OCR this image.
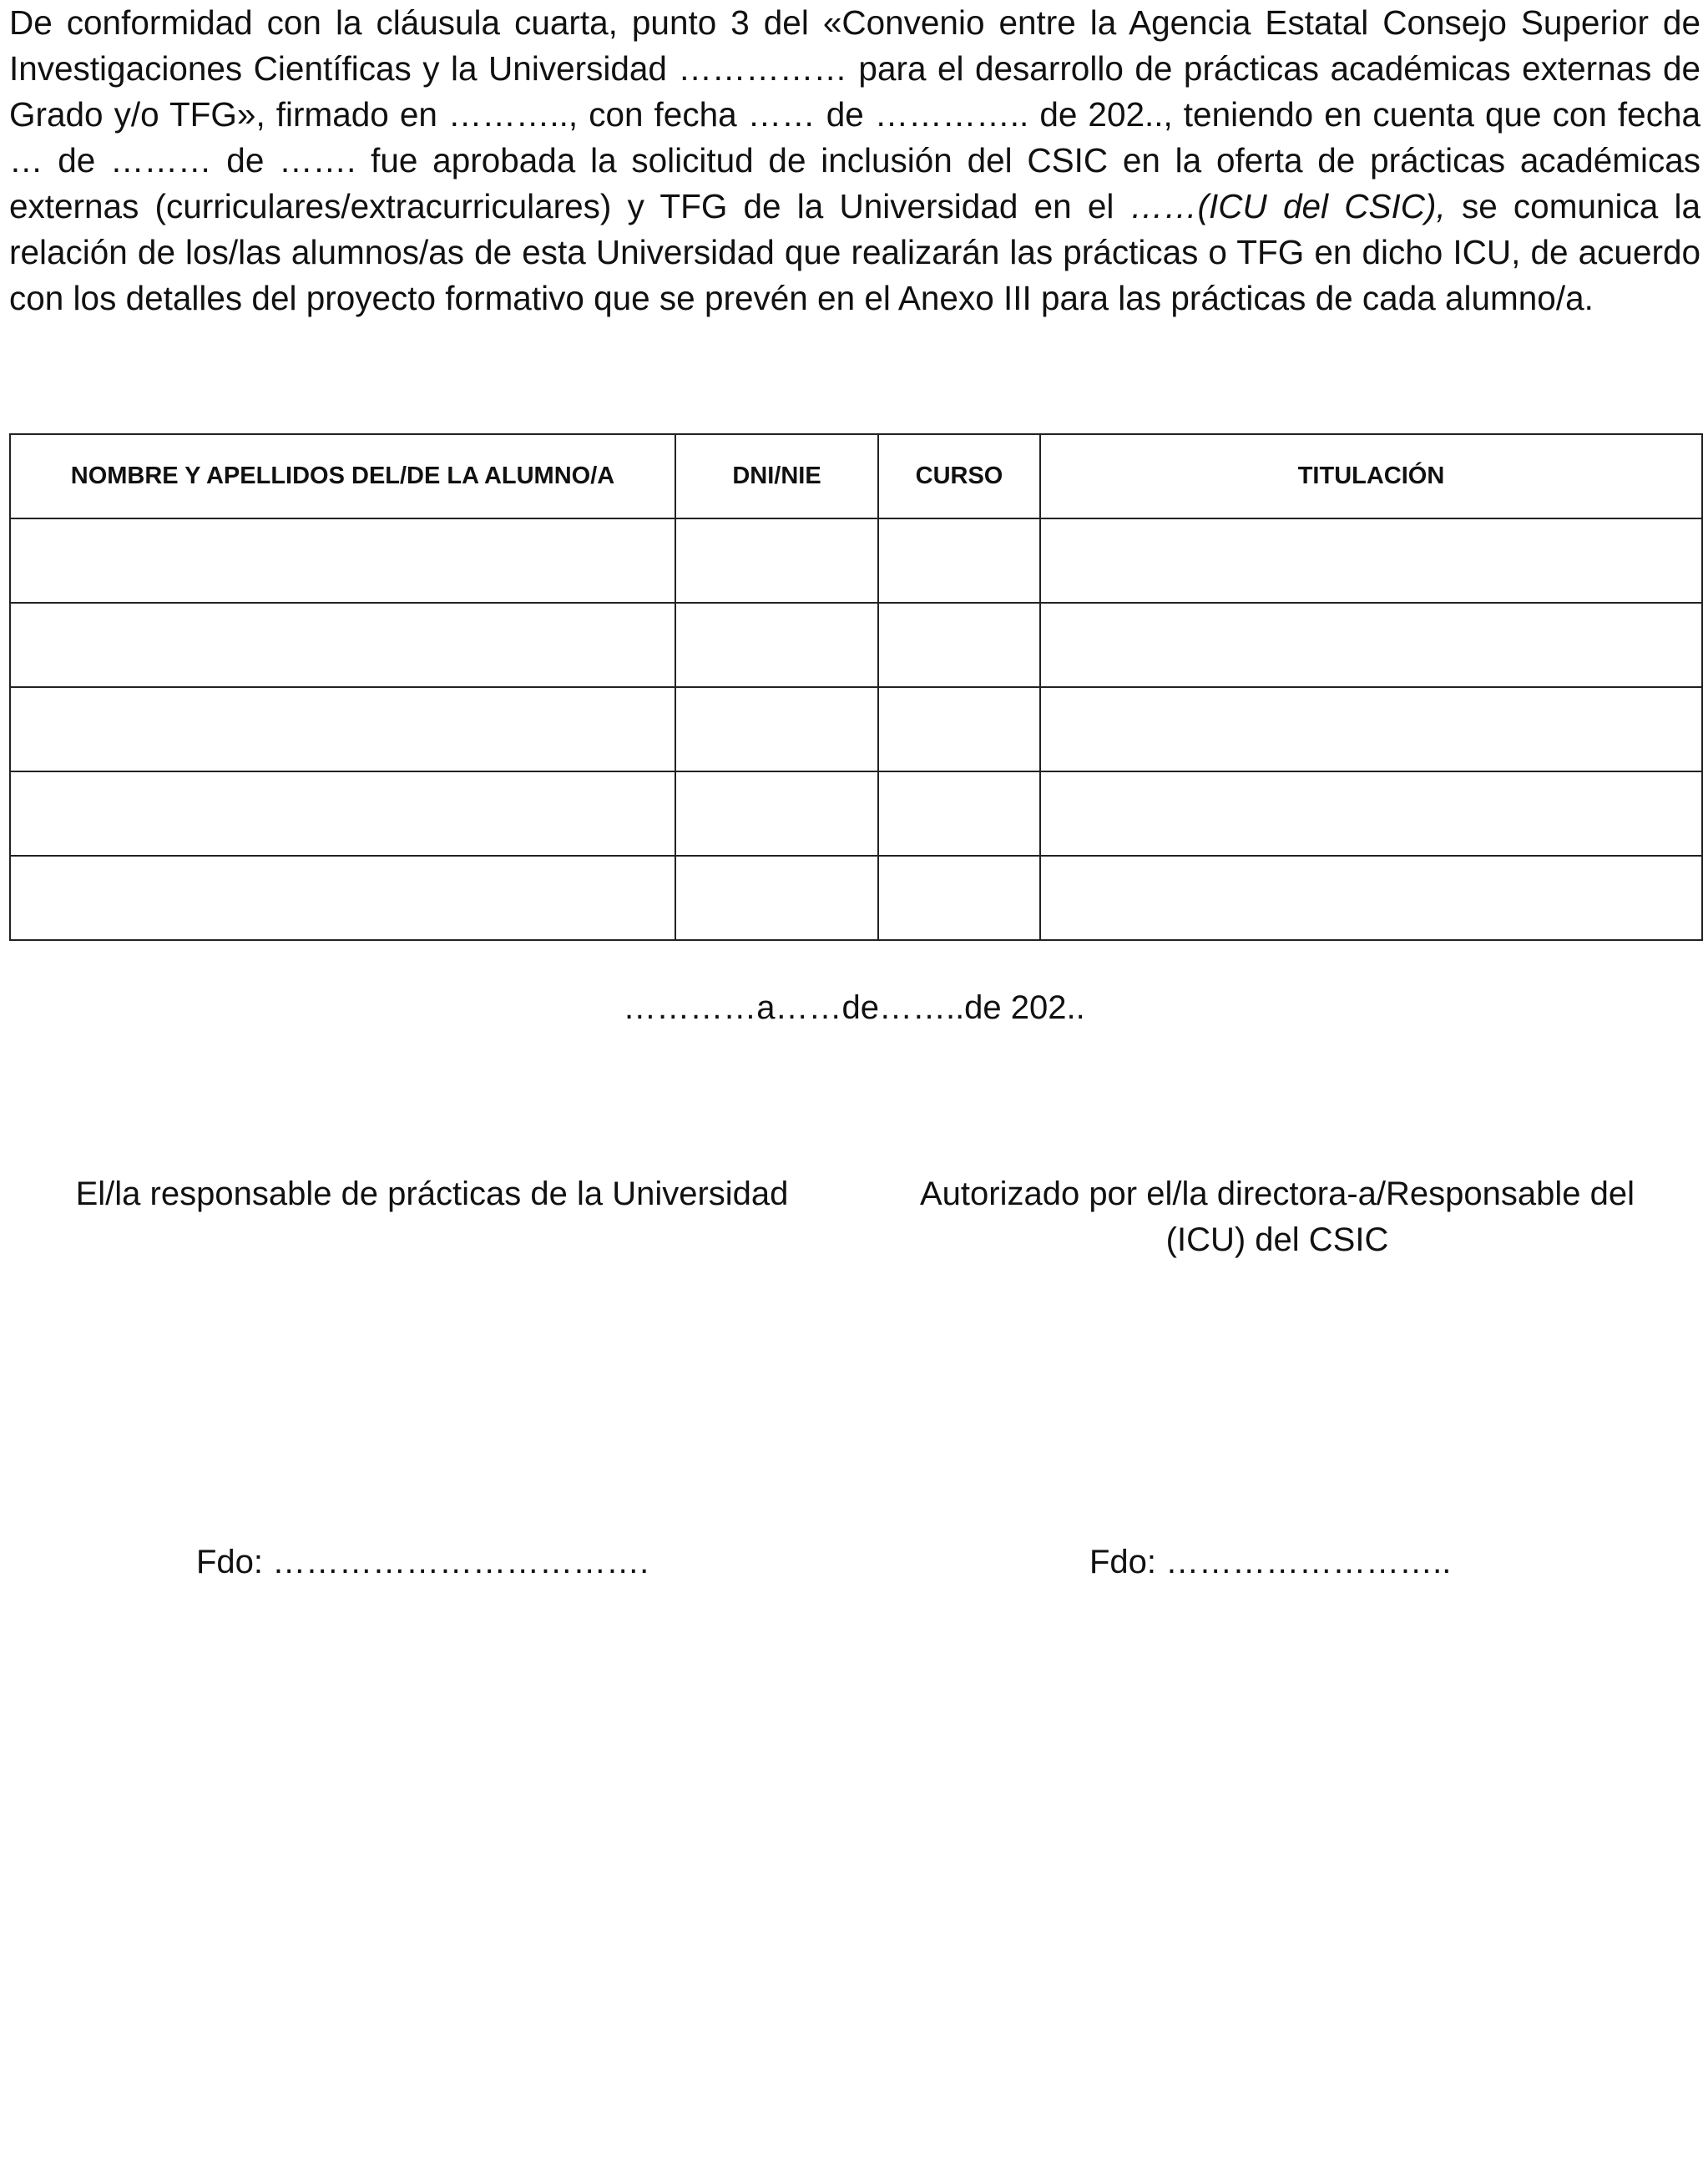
De conformidad con la cláusula cuarta, punto 3 del «Convenio entre la Agencia Estatal Consejo Superior de Investigaciones Científicas y la Universidad …………… para el desarrollo de prácticas académicas externas de Grado y/o TFG», firmado en ……….., con fecha …… de ………….. de 202.., teniendo en cuenta que con fecha … de ……… de ……. fue aprobada la solicitud de inclusión del CSIC en la oferta de prácticas académicas externas (curriculares/extracurriculares) y TFG de la Universidad en el ……(ICU del CSIC), se comunica la relación de los/las alumnos/as de esta Universidad que realizarán las prácticas o TFG en dicho ICU, de acuerdo con los detalles del proyecto formativo que se prevén en el Anexo III para las prácticas de cada alumno/a.

NOMBRE Y APELLIDOS DEL/DE LA ALUMNO/A	DNI/NIE	CURSO	TITULACIÓN

…………a……de……..de 202..
El/la responsable de prácticas de la Universidad	Autorizado por el/la directora-a/Responsable del (ICU) del CSIC
Fdo: …………………………….	Fdo: ……………………..
